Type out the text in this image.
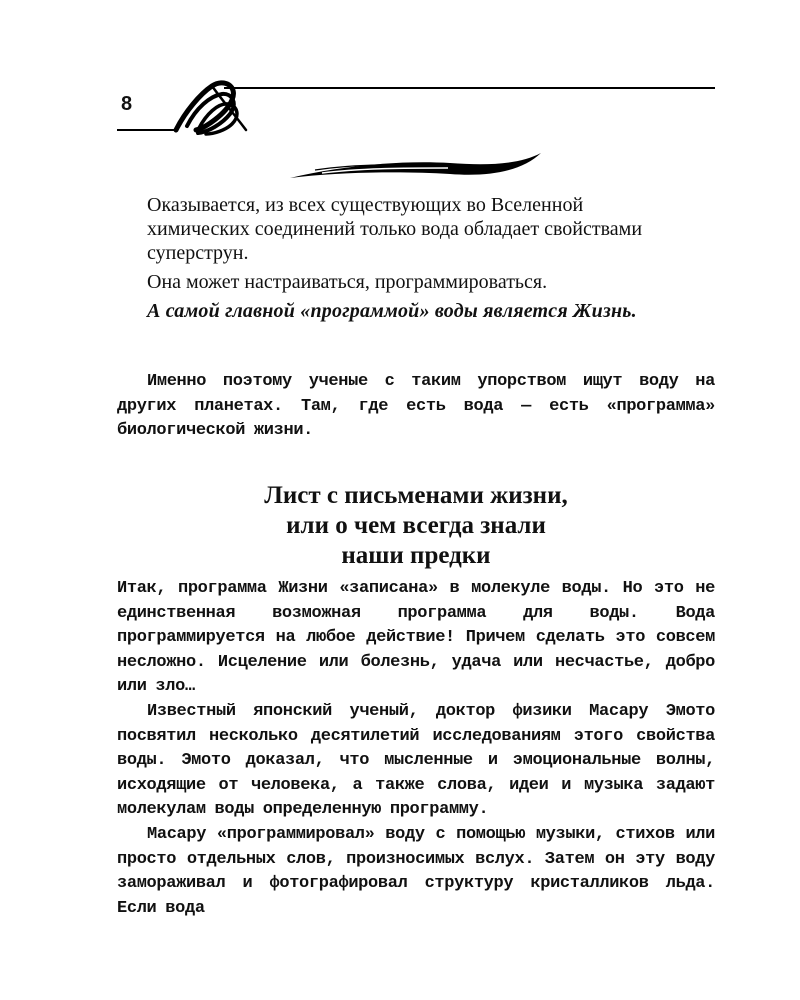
8

Оказывается, из всех существующих во Вселенной химических соединений только вода обладает свойствами суперструн.

Она может настраиваться, программироваться.

А самой главной «программой» воды является Жизнь.

Именно поэтому ученые с таким упорством ищут воду на других планетах. Там, где есть вода — есть «программа» биологической жизни.

Лист с письменами жизни,
или о чем всегда знали
наши предки

Итак, программа Жизни «записана» в молекуле воды. Но это не единственная возможная программа для воды. Вода программируется на любое действие! Причем сделать это совсем несложно. Исцеление или болезнь, удача или несчастье, добро или зло…

Известный японский ученый, доктор физики Масару Эмото посвятил несколько десятилетий исследованиям этого свойства воды. Эмото доказал, что мысленные и эмоциональные волны, исходящие от человека, а также слова, идеи и музыка задают молекулам воды определенную программу.

Масару «программировал» воду с помощью музыки, стихов или просто отдельных слов, произносимых вслух. Затем он эту воду замораживал и фотографировал структуру кристалликов льда. Если вода
